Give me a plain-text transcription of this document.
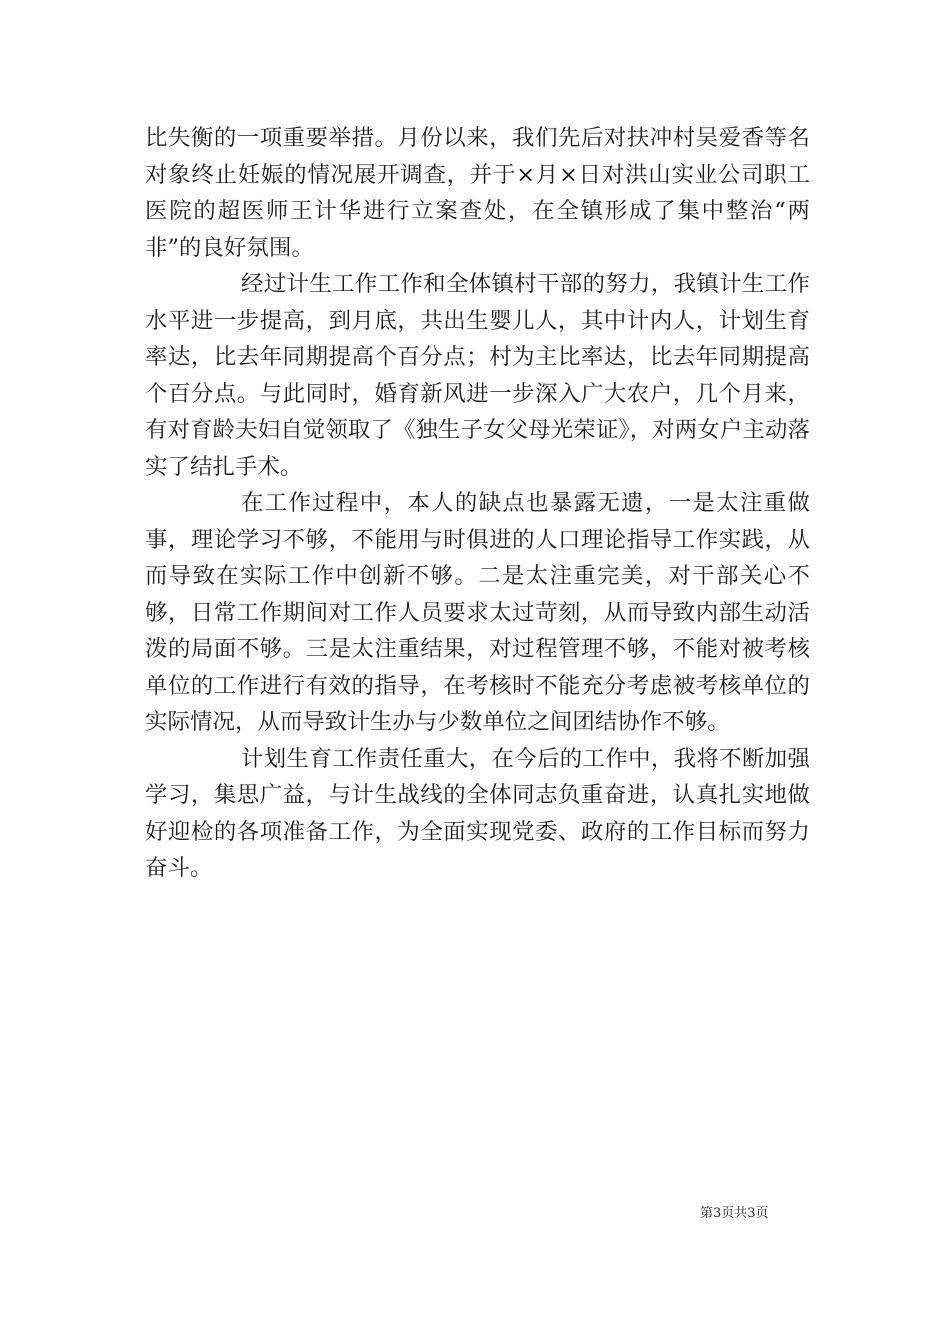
比失衡的一项重要举措。月份以来，我们先后对扶冲村吴爱香等名对象终止妊娠的情况展开调查，并于×月×日对洪山实业公司职工医院的超医师王计华进行立案查处，在全镇形成了集中整治“两非”的良好氛围。

经过计生工作工作和全体镇村干部的努力，我镇计生工作水平进一步提高，到月底，共出生婴儿人，其中计内人，计划生育率达，比去年同期提高个百分点；村为主比率达，比去年同期提高个百分点。与此同时，婚育新风进一步深入广大农户，几个月来，有对育龄夫妇自觉领取了《独生子女父母光荣证》，对两女户主动落实了结扎手术。

在工作过程中，本人的缺点也暴露无遗，一是太注重做事，理论学习不够，不能用与时俱进的人口理论指导工作实践，从而导致在实际工作中创新不够。二是太注重完美，对干部关心不够，日常工作期间对工作人员要求太过苛刻，从而导致内部生动活泼的局面不够。三是太注重结果，对过程管理不够，不能对被考核单位的工作进行有效的指导，在考核时不能充分考虑被考核单位的实际情况，从而导致计生办与少数单位之间团结协作不够。

计划生育工作责任重大，在今后的工作中，我将不断加强学习，集思广益，与计生战线的全体同志负重奋进，认真扎实地做好迎检的各项准备工作，为全面实现党委、政府的工作目标而努力奋斗。

第3页共3页
